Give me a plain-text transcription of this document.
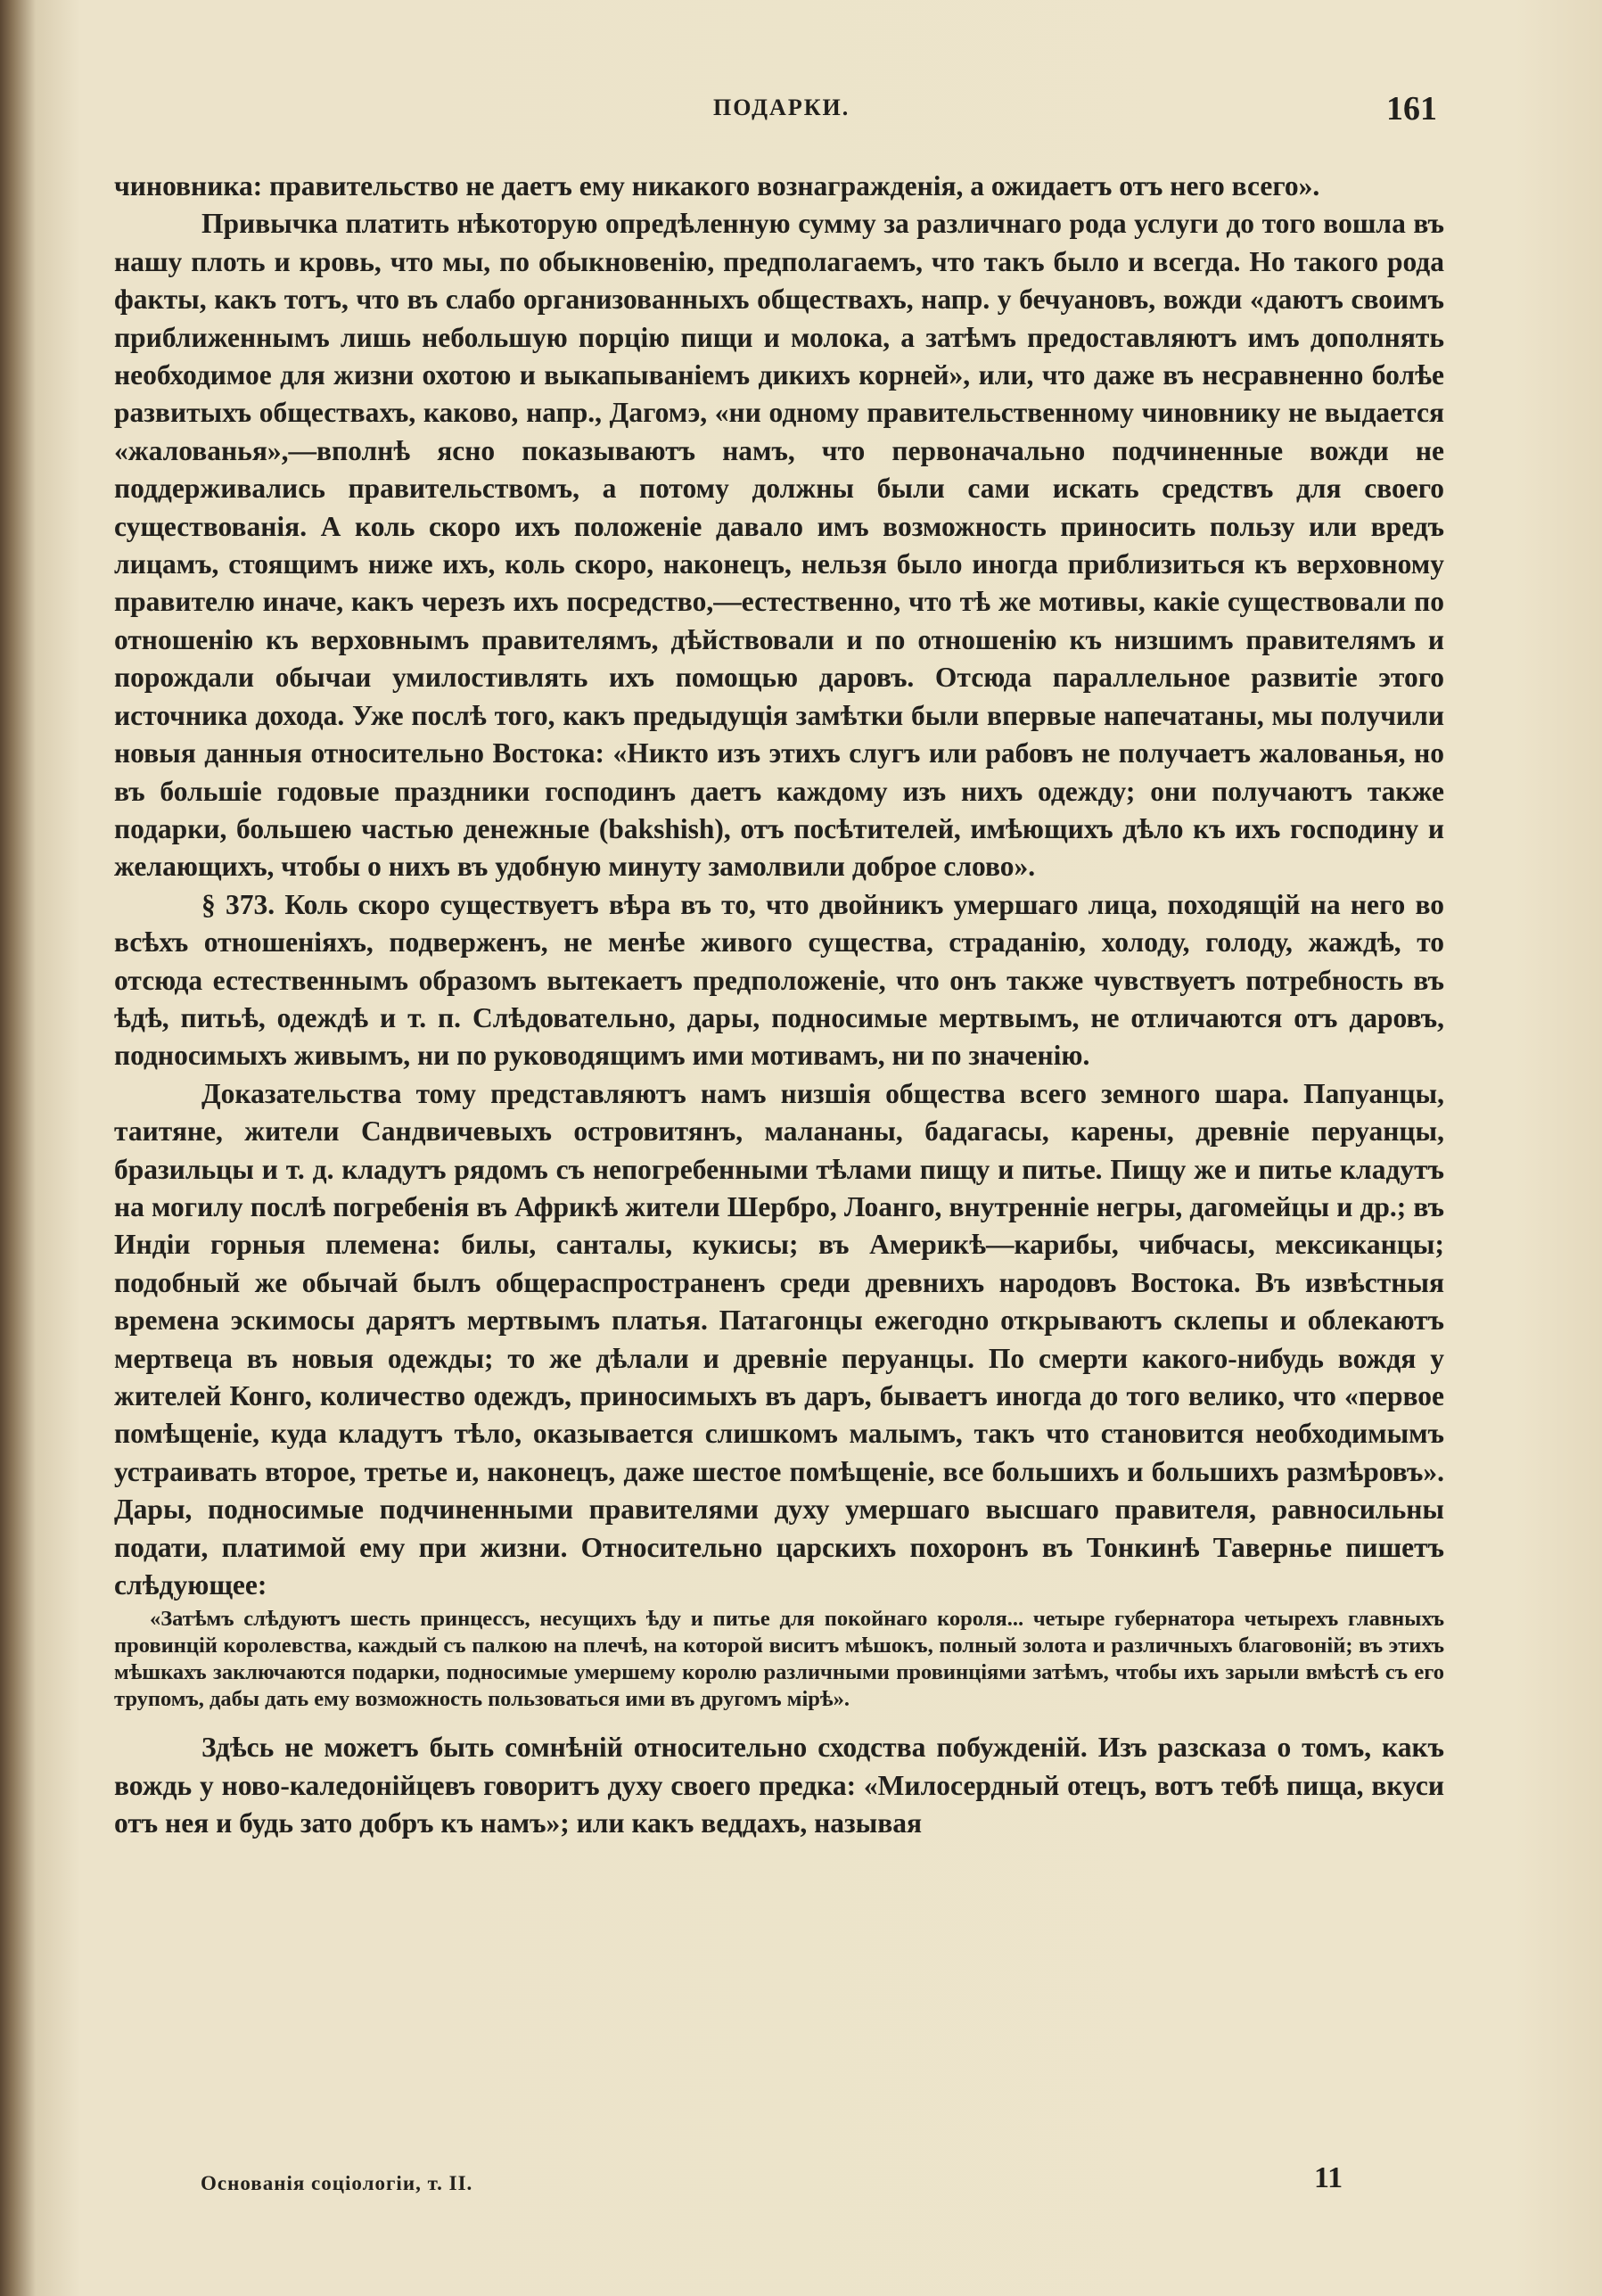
ПОДАРКИ.	161

чиновника: правительство не даетъ ему никакого вознагражденія, а ожидаетъ отъ него всего».

Привычка платить нѣкоторую опредѣленную сумму за различнаго рода услуги до того вошла въ нашу плоть и кровь, что мы, по обыкновенію, предполагаемъ, что такъ было и всегда. Но такого рода факты, какъ тотъ, что въ слабо организованныхъ обществахъ, напр. у бечуановъ, вожди «даютъ своимъ приближеннымъ лишь небольшую порцію пищи и молока, а затѣмъ предоставляютъ имъ дополнять необходимое для жизни охотою и выкапываніемъ дикихъ корней», или, что даже въ несравненно болѣе развитыхъ обществахъ, каково, напр., Дагомэ, «ни одному правительственному чиновнику не выдается «жалованья»,—вполнѣ ясно показываютъ намъ, что первоначально подчиненные вожди не поддерживались правительствомъ, а потому должны были сами искать средствъ для своего существованія. А коль скоро ихъ положеніе давало имъ возможность приносить пользу или вредъ лицамъ, стоящимъ ниже ихъ, коль скоро, наконецъ, нельзя было иногда приблизиться къ верховному правителю иначе, какъ черезъ ихъ посредство,—естественно, что тѣ же мотивы, какіе существовали по отношенію къ верховнымъ правителямъ, дѣйствовали и по отношенію къ низшимъ правителямъ и порождали обычаи умилостивлять ихъ помощью даровъ. Отсюда параллельное развитіе этого источника дохода. Уже послѣ того, какъ предыдущія замѣтки были впервые напечатаны, мы получили новыя данныя относительно Востока: «Никто изъ этихъ слугъ или рабовъ не получаетъ жалованья, но въ большіе годовые праздники господинъ даетъ каждому изъ нихъ одежду; они получаютъ также подарки, большею частью денежные (bakshish), отъ посѣтителей, имѣющихъ дѣло къ ихъ господину и желающихъ, чтобы о нихъ въ удобную минуту замолвили доброе слово».

§ 373. Коль скоро существуетъ вѣра въ то, что двойникъ умершаго лица, походящій на него во всѣхъ отношеніяхъ, подверженъ, не менѣе живого существа, страданію, холоду, голоду, жаждѣ, то отсюда естественнымъ образомъ вытекаетъ предположеніе, что онъ также чувствуетъ потребность въ ѣдѣ, питьѣ, одеждѣ и т. п. Слѣдовательно, дары, подносимые мертвымъ, не отличаются отъ даровъ, подносимыхъ живымъ, ни по руководящимъ ими мотивамъ, ни по значенію.

Доказательства тому представляютъ намъ низшія общества всего земного шара. Папуанцы, таитяне, жители Сандвичевыхъ островитянъ, малананы, бадагасы, карены, древніе перуанцы, бразильцы и т. д. кладутъ рядомъ съ непогребенными тѣлами пищу и питье. Пищу же и питье кладутъ на могилу послѣ погребенія въ Африкѣ жители Шербро, Лоанго, внутренніе негры, дагомейцы и др.; въ Индіи горныя племена: билы, санталы, кукисы; въ Америкѣ—карибы, чибчасы, мексиканцы; подобный же обычай былъ общераспространенъ среди древнихъ народовъ Востока. Въ извѣстныя времена эскимосы дарятъ мертвымъ платья. Патагонцы ежегодно открываютъ склепы и облекаютъ мертвеца въ новыя одежды; то же дѣлали и древніе перуанцы. По смерти какого-нибудь вождя у жителей Конго, количество одеждъ, приносимыхъ въ даръ, бываетъ иногда до того велико, что «первое помѣщеніе, куда кладутъ тѣло, оказывается слишкомъ малымъ, такъ что становится необходимымъ устраивать второе, третье и, наконецъ, даже шестое помѣщеніе, все большихъ и большихъ размѣровъ». Дары, подносимые подчиненными правителями духу умершаго высшаго правителя, равносильны подати, платимой ему при жизни. Относительно царскихъ похоронъ въ Тонкинѣ Тавернье пишетъ слѣдующее:

«Затѣмъ слѣдуютъ шесть принцессъ, несущихъ ѣду и питье для покойнаго короля... четыре губернатора четырехъ главныхъ провинцій королевства, каждый съ палкою на плечѣ, на которой виситъ мѣшокъ, полный золота и различныхъ благовоній; въ этихъ мѣшкахъ заключаются подарки, подносимые умершему королю различными провинціями затѣмъ, чтобы ихъ зарыли вмѣстѣ съ его трупомъ, дабы дать ему возможность пользоваться ими въ другомъ мірѣ».

Здѣсь не можетъ быть сомнѣній относительно сходства побужденій. Изъ разсказа о томъ, какъ вождь у ново-каледонійцевъ говоритъ духу своего предка: «Милосердный отецъ, вотъ тебѣ пища, вкуси отъ нея и будь зато добръ къ намъ»; или какъ веддахъ, называя

Основанія соціологіи, т. II.	11
